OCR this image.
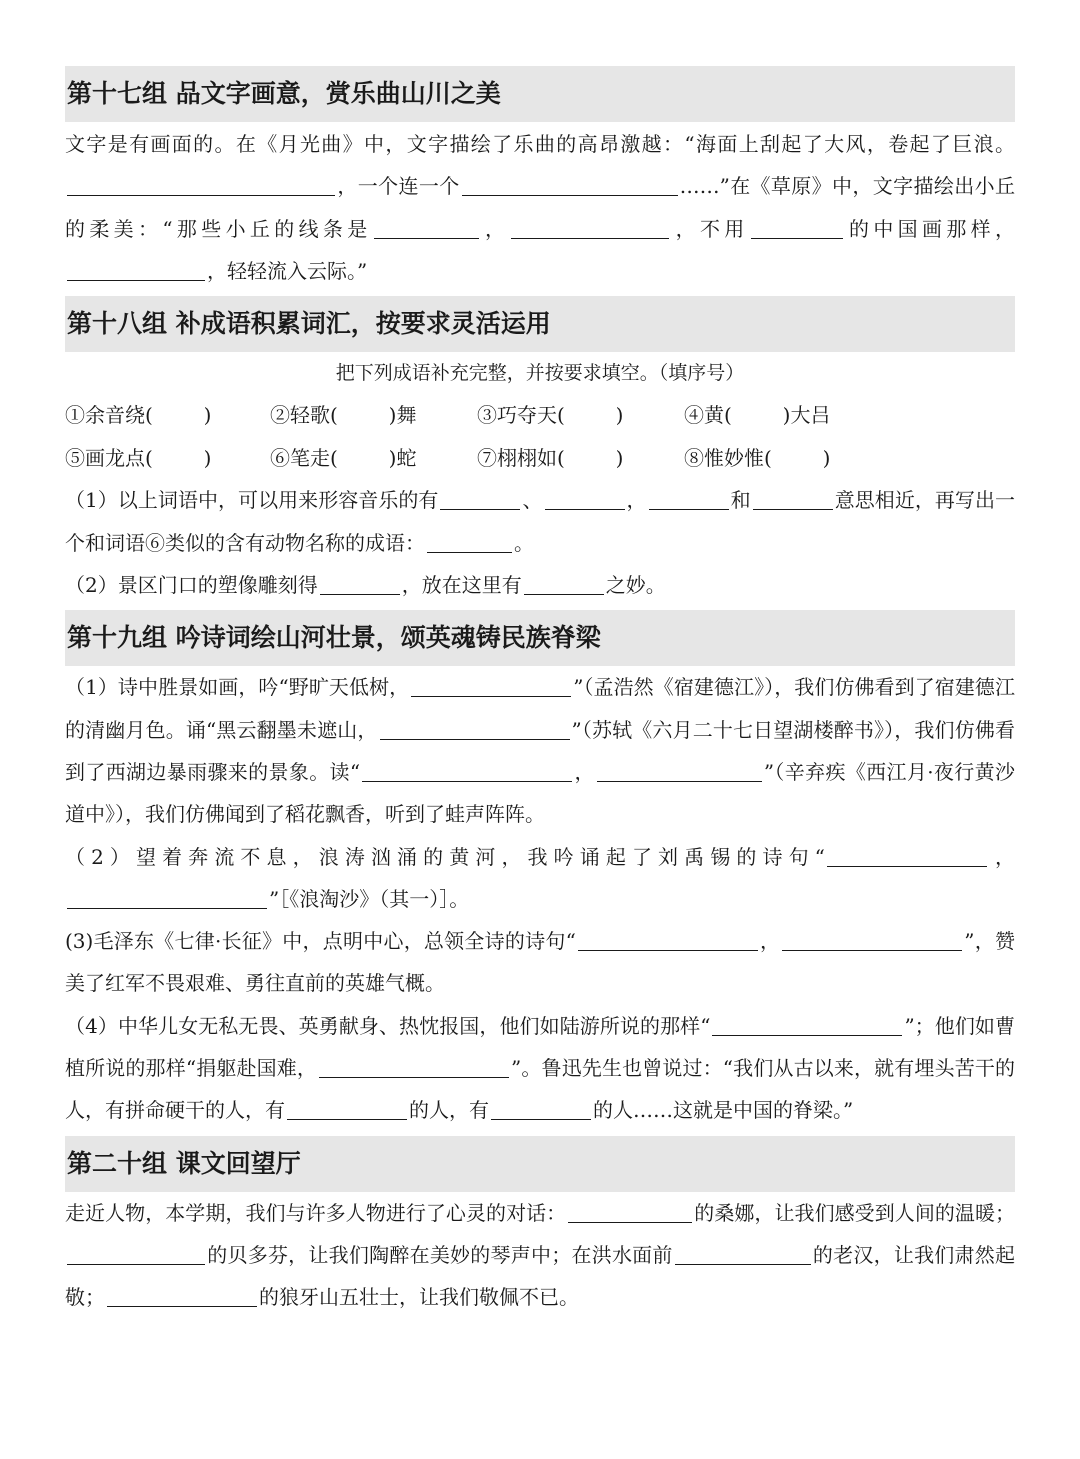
第十七组 品文字画意，赏乐曲山川之美

文字是有画面的。在《月光曲》中，文字描绘了乐曲的高昂激越：“海面上刮起了大风，卷起了巨浪。，一个连一个	……”在《草原》中，文字描绘出小丘的柔美：“那些小丘的线条是	，	，不用	的中国画那样，，轻轻流入云际。”

第十八组 补成语积累词汇，按要求灵活运用

把下列成语补充完整，并按要求填空。（填序号）

①余音绕(        )	②轻歌(        )舞	③巧夺天(        )	④黄(        )大吕
⑤画龙点(        )	⑥笔走(        )蛇	⑦栩栩如(        )	⑧惟妙惟(        )

（1）以上词语中，可以用来形容音乐的有	、	，	和	意思相近，再写出一个和词语⑥类似的含有动物名称的成语：	。

（2）景区门口的塑像雕刻得	，放在这里有	之妙。

第十九组 吟诗词绘山河壮景，颂英魂铸民族脊梁

（1）诗中胜景如画，吟“野旷天低树，	”（孟浩然《宿建德江》），我们仿佛看到了宿建德江的清幽月色。诵“黑云翻墨未遮山，	”（苏轼《六月二十七日望湖楼醉书》），我们仿佛看到了西湖边暴雨骤来的景象。读“	，	”（辛弃疾《西江月·夜行黄沙道中》），我们仿佛闻到了稻花飘香，听到了蛙声阵阵。

（2）望着奔流不息，浪涛汹涌的黄河，我吟诵起了刘禹锡的诗句“	，”［《浪淘沙》（其一）］。

(3)毛泽东《七律·长征》中，点明中心，总领全诗的诗句“	，	”，赞美了红军不畏艰难、勇往直前的英雄气概。

（4）中华儿女无私无畏、英勇献身、热忱报国，他们如陆游所说的那样“	”；他们如曹植所说的那样“捐躯赴国难，	”。鲁迅先生也曾说过：“我们从古以来，就有埋头苦干的人，有拼命硬干的人，有	的人，有	的人……这就是中国的脊梁。”

第二十组 课文回望厅

走近人物，本学期，我们与许多人物进行了心灵的对话：	的桑娜，让我们感受到人间的温暖；的贝多芬，让我们陶醉在美妙的琴声中；在洪水面前	的老汉，让我们肃然起敬；	的狼牙山五壮士，让我们敬佩不已。
